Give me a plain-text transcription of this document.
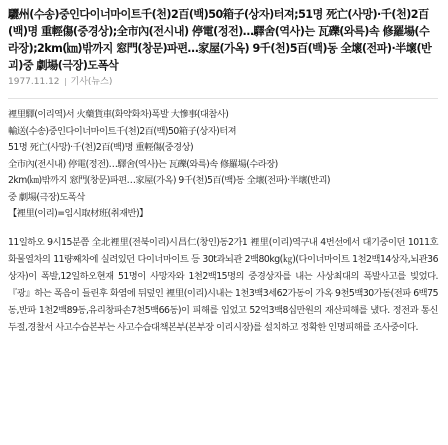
驪州(수송)중인다이너마이트千(천)2百(백)50箱子(상자)터져;51명 死亡(사망)·千(천)2百(백)명 重輕傷(중경상);全市內(전시내) 停電(정전)…驛舍(역사)는 瓦礫(와륵)속 修羅場(수라장);2km(㎞)밖까지 窓門(창문)파편…家屋(가옥) 9千(천)5百(백)동 全壞(전파)·半壞(반괴)중 劇場(극장)도폭삭
1977.11.12 기사(뉴스)
裡里驛(이리역)서 火藥貨車(화약화차)폭발 大慘事(대참사)
輸送(수송)중인다이너마이트千(천)2百(백)50箱子(상자)터져
51명 死亡(사망)·千(천)2百(백)명 重輕傷(중경상)
全市內(전시내) 停電(정전)…驛舍(역사)는 瓦礫(와륵)속 修羅場(수라장)
2km(㎞)밖까지 窓門(창문)파편…家屋(가옥) 9千(천)5百(백)동 全壞(전파)·半壞(반괴)
중 劇場(극장)도폭삭
【裡里(이리)=임시取材班(취재반)】

11일하오 9시15분쯤 全北裡里(전북이리)시昌仁(창인)동2가1 裡里(이리)역구내 4번선에서 대기중이던 1011호 화물열차의 11량째차에 실려있던 다이너마이트 등 30t과뇌관 2백80kg(㎏)(다이너마이트 1천2백14상자,뇌관36상자)이 폭발,12일하오현재 51명이 사망자와 1천2백15명의 중경상자를 내는 사상최대의 폭발사고를 빚었다. 『광』하는 폭음이 들린후 화염에 뒤덮인 裡里(이리)시내는 1천3백3세62가동이 가옥 9천5백30가동(전파 6백75동,반파 1천2백89동,유리창파손7천5백66동)이 피해를 입었고 52억3백8십만원의 재산피해를 냈다. 정전과 통신두절,경찰서 사고수습본부는 사고수습대책본부(본부장 이리시장)를 설치하고 정확한 인명피해를 조사중이다.
